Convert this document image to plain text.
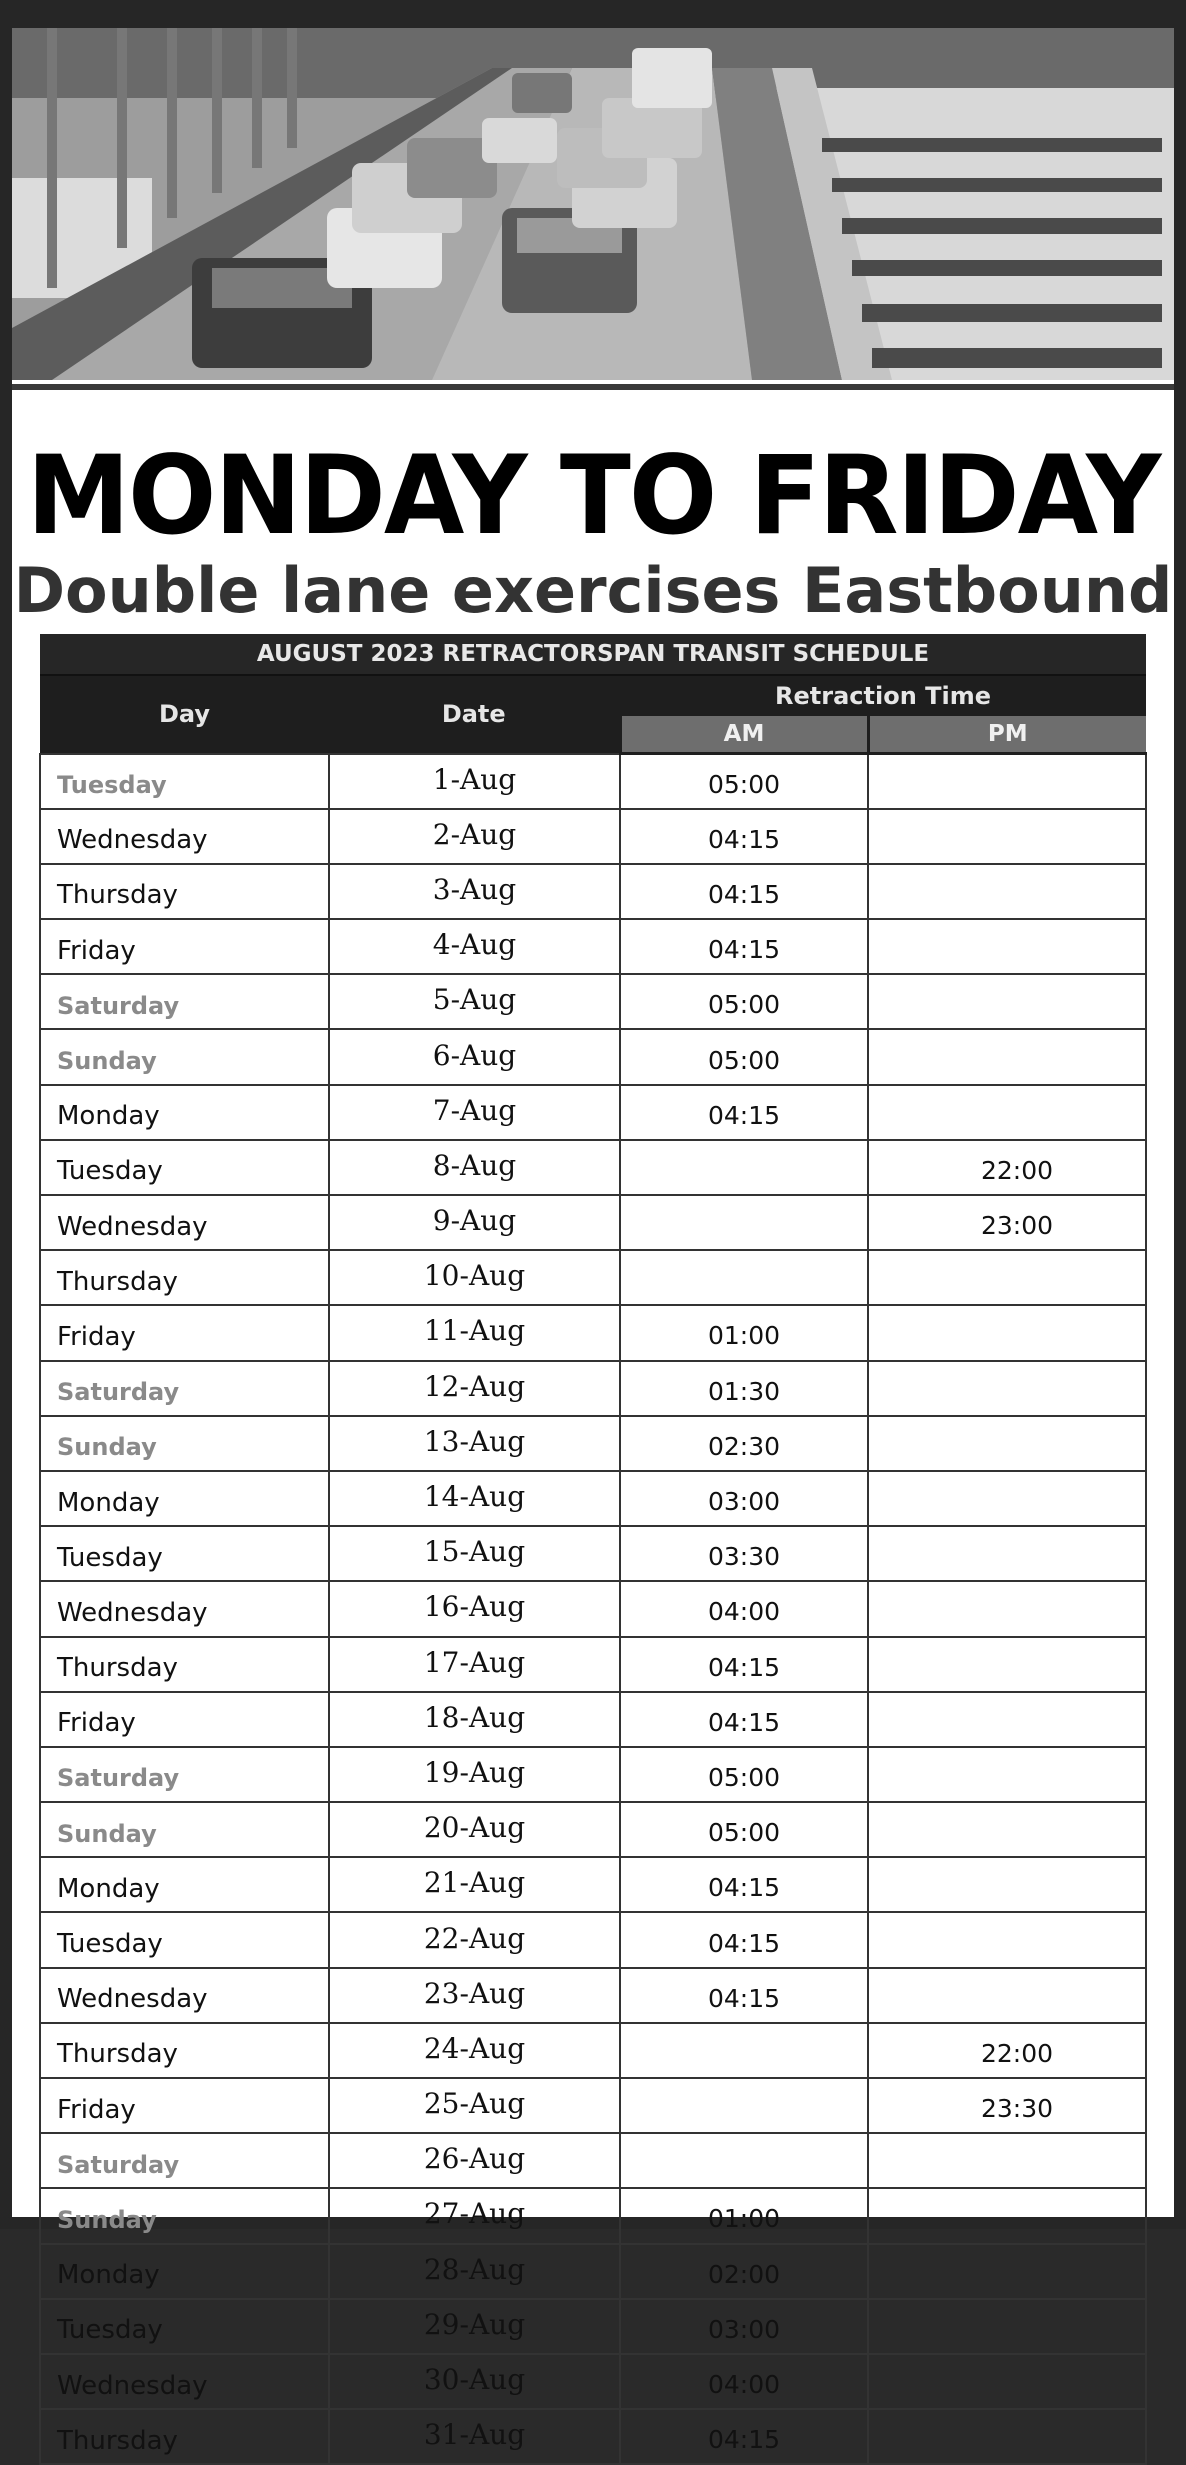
MONDAY TO FRIDAY
Double lane exercises Eastbound
AUGUST 2023 RETRACTORSPAN TRANSIT SCHEDULE			
Day	Date	Retraction Time	
		AM	PM
Tuesday	1-Aug	05:00	
Wednesday	2-Aug	04:15	
Thursday	3-Aug	04:15	
Friday	4-Aug	04:15	
Saturday	5-Aug	05:00	
Sunday	6-Aug	05:00	
Monday	7-Aug	04:15	
Tuesday	8-Aug		22:00
Wednesday	9-Aug		23:00
Thursday	10-Aug		
Friday	11-Aug	01:00	
Saturday	12-Aug	01:30	
Sunday	13-Aug	02:30	
Monday	14-Aug	03:00	
Tuesday	15-Aug	03:30	
Wednesday	16-Aug	04:00	
Thursday	17-Aug	04:15	
Friday	18-Aug	04:15	
Saturday	19-Aug	05:00	
Sunday	20-Aug	05:00	
Monday	21-Aug	04:15	
Tuesday	22-Aug	04:15	
Wednesday	23-Aug	04:15	
Thursday	24-Aug		22:00
Friday	25-Aug		23:30
Saturday	26-Aug		
Sunday	27-Aug	01:00	
Monday	28-Aug	02:00	
Tuesday	29-Aug	03:00	
Wednesday	30-Aug	04:00	
Thursday	31-Aug	04:15	
